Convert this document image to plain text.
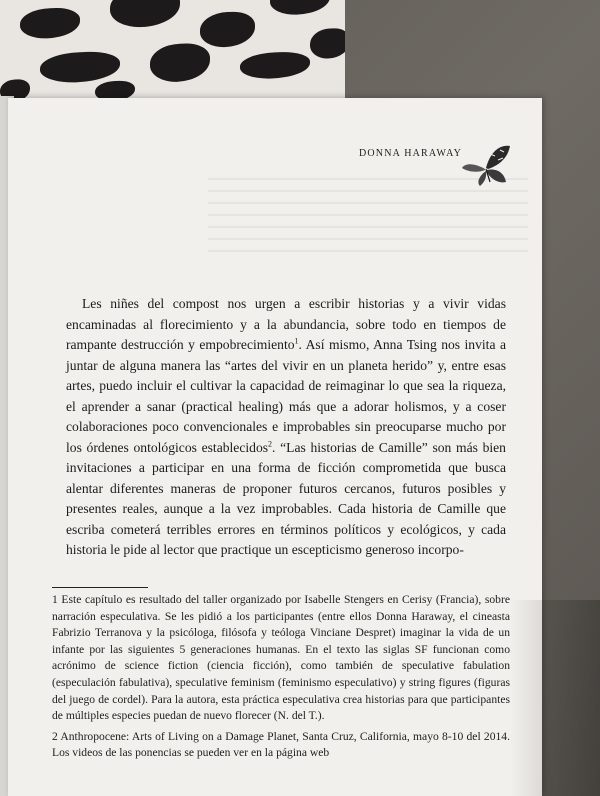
DONNA HARAWAY

Les niñes del compost nos urgen a escribir historias y a vivir vidas encaminadas al florecimiento y a la abundancia, sobre todo en tiempos de rampante destrucción y empobrecimiento$^1$. Así mismo, Anna Tsing nos invita a juntar de alguna manera las “artes del vivir en un planeta herido” y, entre esas artes, puedo incluir el cultivar la capacidad de reimaginar lo que sea la riqueza, el aprender a sanar (practical healing) más que a adorar holismos, y a coser colaboraciones poco convencionales e improbables sin preocuparse mucho por los órdenes ontológicos establecidos$^2$. “Las historias de Camille” son más bien invitaciones a participar en una forma de ficción comprometida que busca alentar diferentes maneras de proponer futuros cercanos, futuros posibles y presentes reales, aunque a la vez improbables. Cada historia de Camille que escriba cometerá terribles errores en términos políticos y ecológicos, y cada historia le pide al lector que practique un escepticismo generoso incorpo-

1 Este capítulo es resultado del taller organizado por Isabelle Stengers en Cerisy (Francia), sobre narración especulativa. Se les pidió a los participantes (entre ellos Donna Haraway, el cineasta Fabrizio Terranova y la psicóloga, filósofa y teóloga Vinciane Despret) imaginar la vida de un infante por las siguientes 5 generaciones humanas. En el texto las siglas SF funcionan como acrónimo de science fiction (ciencia ficción), como también de speculative fabulation (especulación fabulativa), speculative feminism (feminismo especulativo) y string figures (figuras del juego de cordel). Para la autora, esta práctica especulativa crea historias para que participantes de múltiples especies puedan de nuevo florecer (N. del T.).

2 Anthropocene: Arts of Living on a Damage Planet, Santa Cruz, California, mayo 8-10 del 2014. Los videos de las ponencias se pueden ver en la página web
